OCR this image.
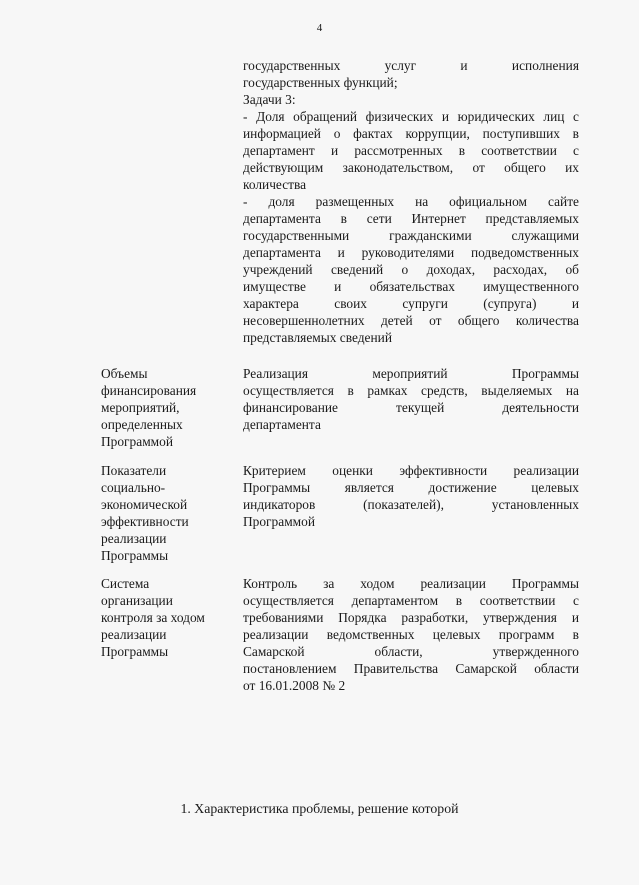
4
государственных услуг и исполнения
государственных функций;
Задачи 3:
- Доля обращений физических и юридических лиц с
информацией о фактах коррупции, поступивших в
департамент и рассмотренных в соответствии с
действующим законодательством, от общего их
количества
- доля размещенных на официальном сайте
департамента в сети Интернет представляемых
государственными гражданскими служащими
департамента и руководителями подведомственных
учреждений сведений о доходах, расходах, об
имуществе и обязательствах имущественного
характера своих супруги (супруга) и
несовершеннолетних детей от общего количества
представляемых сведений
Объемы
финансирования
мероприятий,
определенных
Программой
Реализация мероприятий Программы
осуществляется в рамках средств, выделяемых на
финансирование текущей деятельности
департамента
Показатели
социально-
экономической
эффективности
реализации
Программы
Критерием оценки эффективности реализации
Программы является достижение целевых
индикаторов (показателей), установленных
Программой
Система
организации
контроля за ходом
реализации
Программы
Контроль за ходом реализации Программы
осуществляется департаментом в соответствии с
требованиями Порядка разработки, утверждения и
реализации ведомственных целевых программ в
Самарской области, утвержденного
постановлением Правительства Самарской области
от 16.01.2008 № 2
1. Характеристика проблемы, решение которой
